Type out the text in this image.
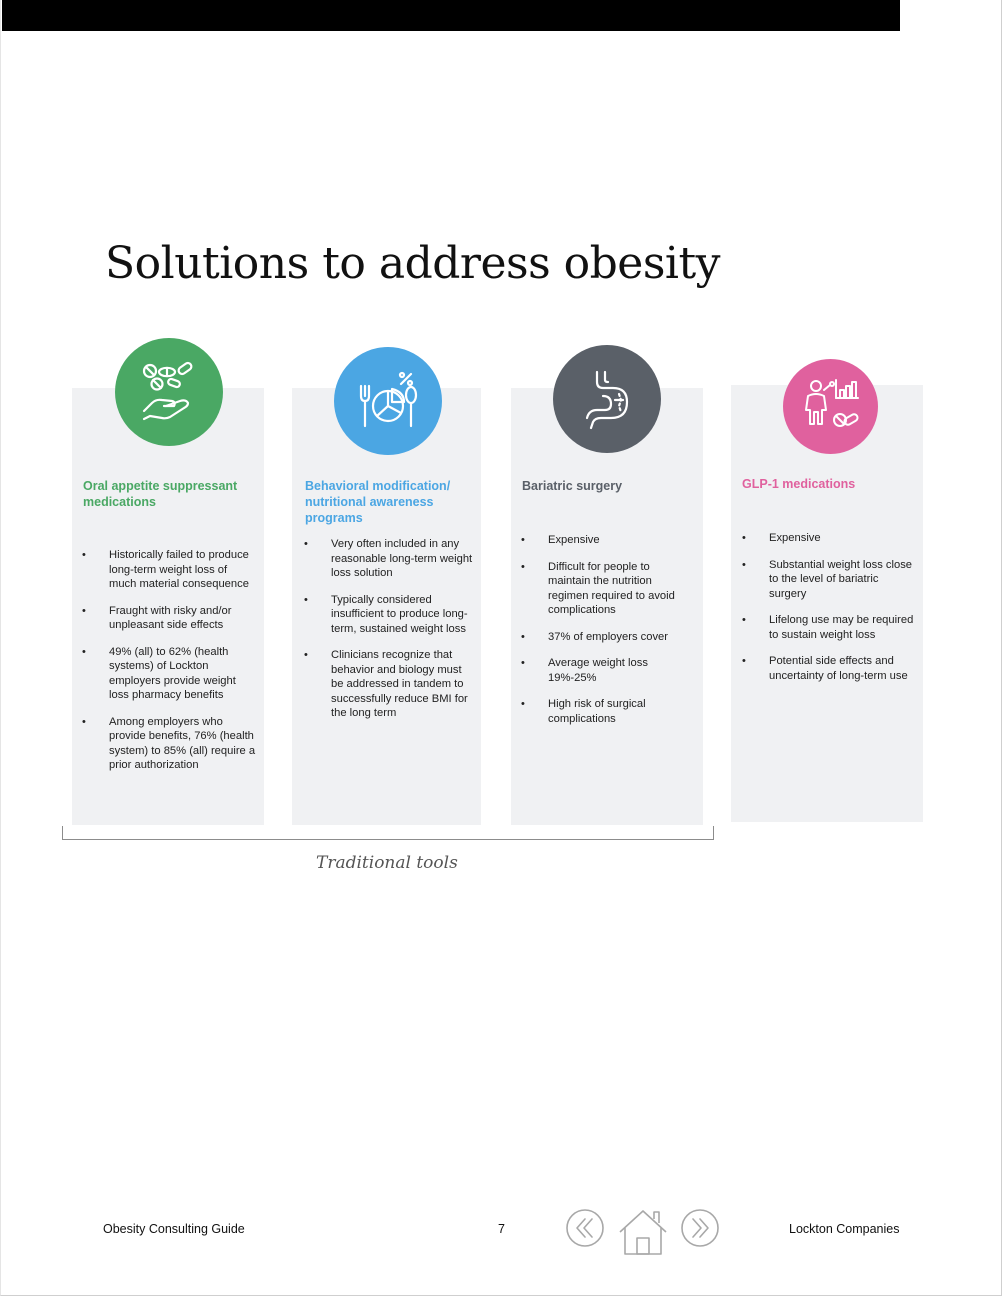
Solutions to address obesity
Oral appetite suppressant medications
• Historically failed to produce long-term weight loss of much material consequence
• Fraught with risky and/or unpleasant side effects
• 49% (all) to 62% (health systems) of Lockton employers provide weight loss pharmacy benefits
• Among employers who provide benefits, 76% (health system) to 85% (all) require a prior authorization
Behavioral modification/ nutritional awareness programs
• Very often included in any reasonable long-term weight loss solution
• Typically considered insufficient to produce long-term, sustained weight loss
• Clinicians recognize that behavior and biology must be addressed in tandem to successfully reduce BMI for the long term
Bariatric surgery
• Expensive
• Difficult for people to maintain the nutrition regimen required to avoid complications
• 37% of employers cover
• Average weight loss 19%-25%
• High risk of surgical complications
GLP-1 medications
• Expensive
• Substantial weight loss close to the level of bariatric surgery
• Lifelong use may be required to sustain weight loss
• Potential side effects and uncertainty of long-term use
Traditional tools
Obesity Consulting Guide	7	Lockton Companies
